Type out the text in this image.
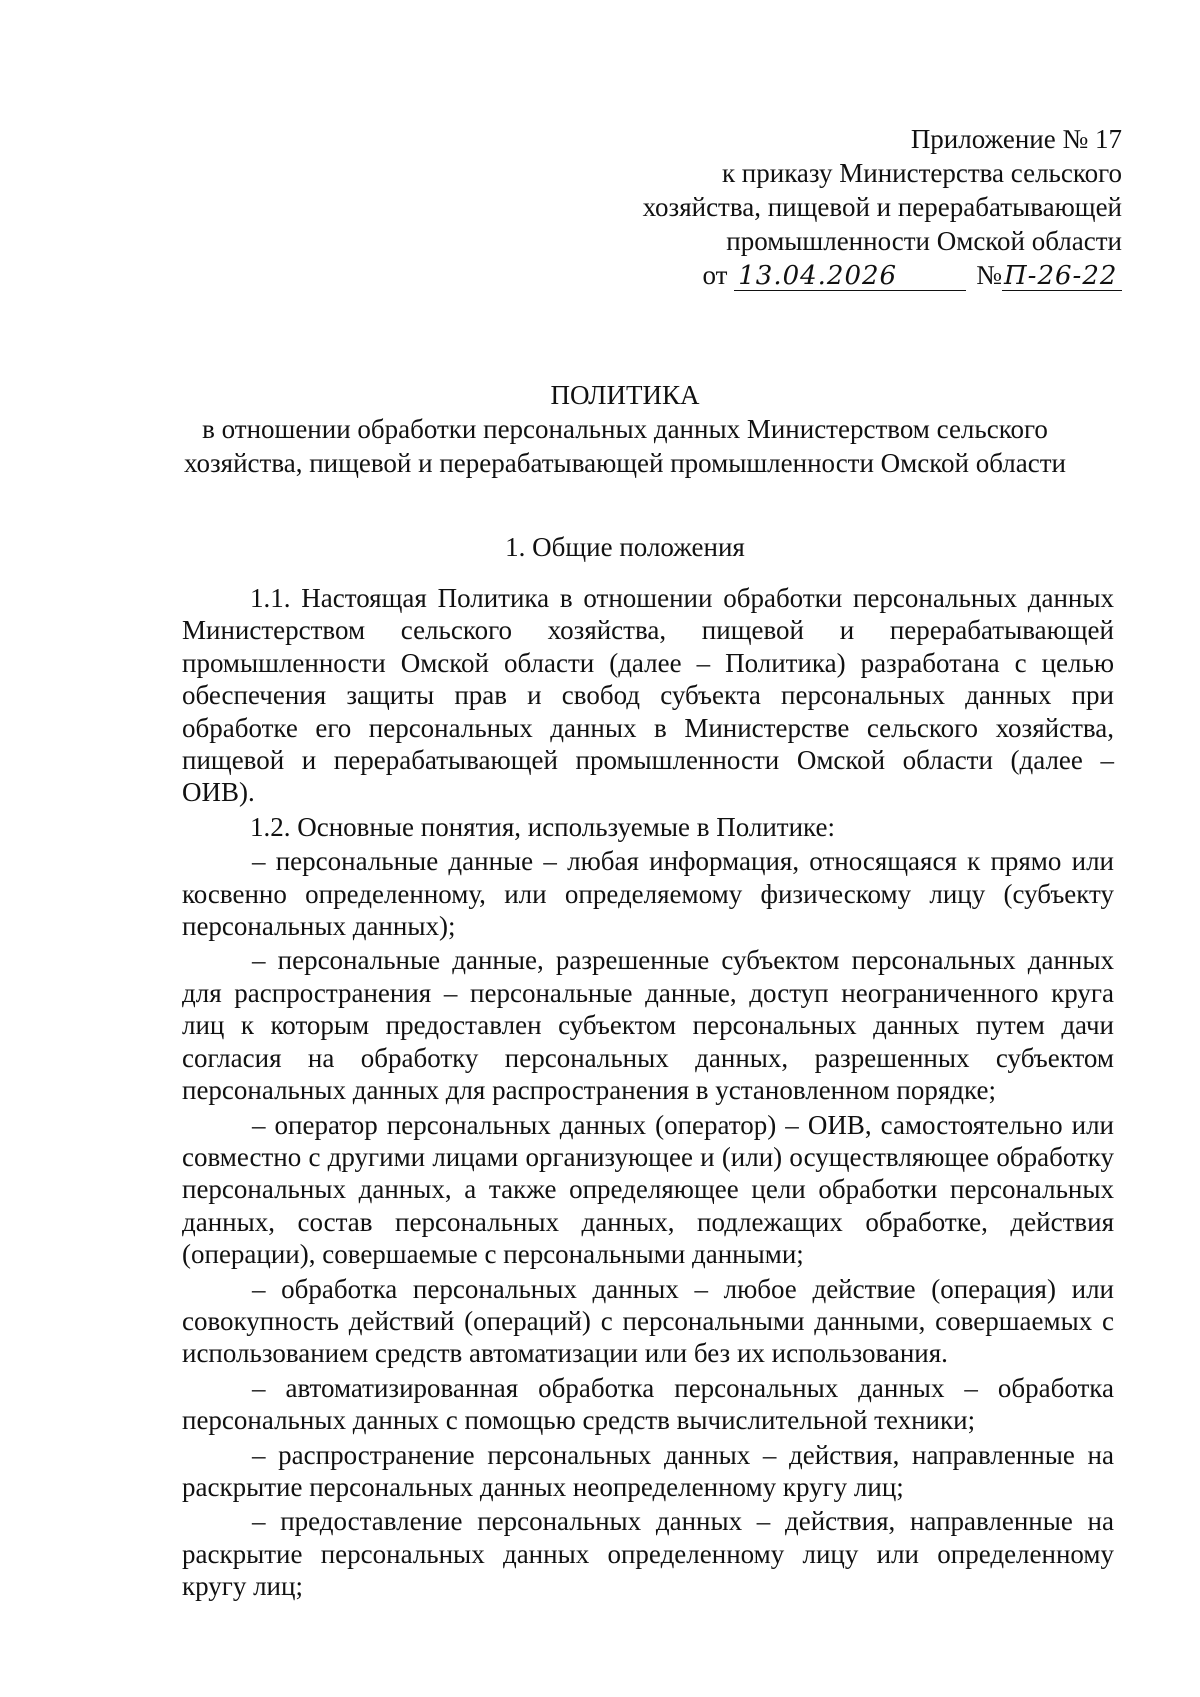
Приложение № 17
к приказу Министерства сельского
хозяйства, пищевой и перерабатывающей
промышленности Омской области
от 13.04.2026	№П-26-22
ПОЛИТИКА
в отношении обработки персональных данных Министерством сельского
хозяйства, пищевой и перерабатывающей промышленности Омской области
1. Общие положения

1.1. Настоящая Политика в отношении обработки персональных данных Министерством сельского хозяйства, пищевой и перерабатывающей промышленности Омской области (далее – Политика) разработана с целью обеспечения защиты прав и свобод субъекта персональных данных при обработке его персональных данных в Министерстве сельского хозяйства, пищевой и перерабатывающей промышленности Омской области (далее – ОИВ).

1.2. Основные понятия, используемые в Политике:

– персональные данные – любая информация, относящаяся к прямо или косвенно определенному, или определяемому физическому лицу (субъекту персональных данных);

– персональные данные, разрешенные субъектом персональных данных для распространения – персональные данные, доступ неограниченного круга лиц к которым предоставлен субъектом персональных данных путем дачи согласия на обработку персональных данных, разрешенных субъектом персональных данных для распространения в установленном порядке;

– оператор персональных данных (оператор) – ОИВ, самостоятельно или совместно с другими лицами организующее и (или) осуществляющее обработку персональных данных, а также определяющее цели обработки персональных данных, состав персональных данных, подлежащих обработке, действия (операции), совершаемые с персональными данными;

– обработка персональных данных – любое действие (операция) или совокупность действий (операций) с персональными данными, совершаемых с использованием средств автоматизации или без их использования.

– автоматизированная обработка персональных данных – обработка персональных данных с помощью средств вычислительной техники;

– распространение персональных данных – действия, направленные на раскрытие персональных данных неопределенному кругу лиц;

– предоставление персональных данных – действия, направленные на раскрытие персональных данных определенному лицу или определенному кругу лиц;
